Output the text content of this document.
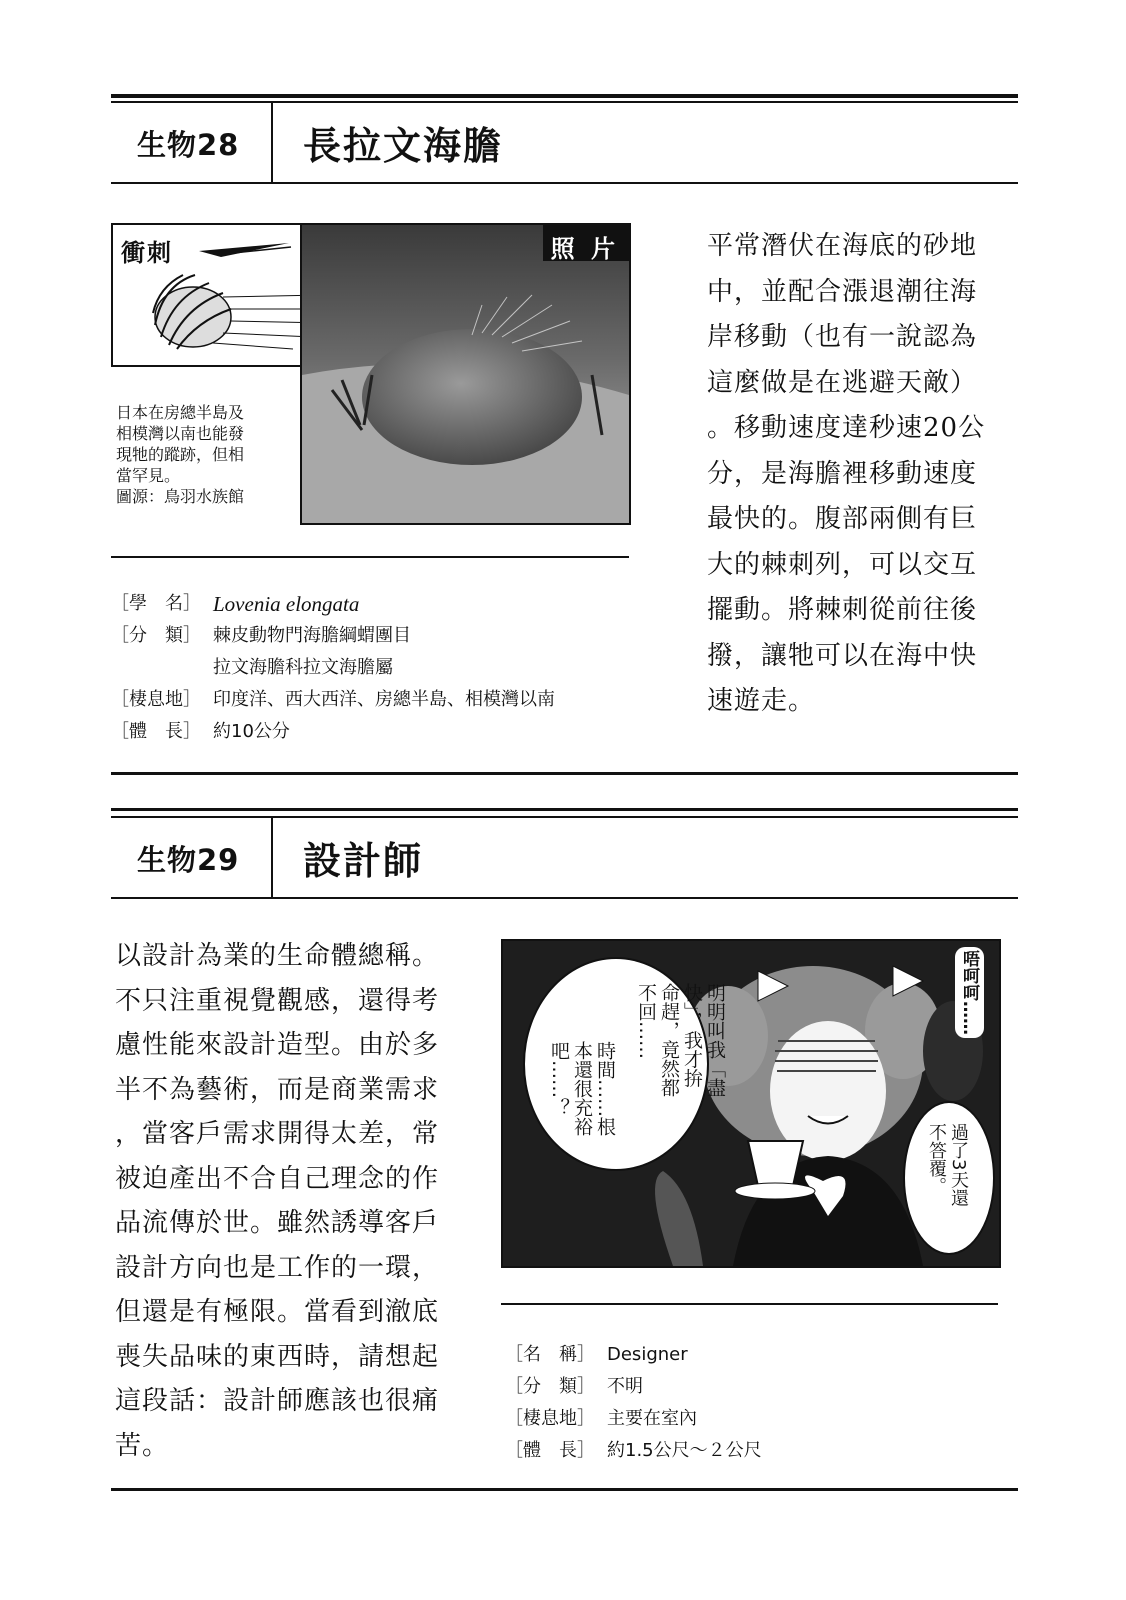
生物28 長拉文海膽
衝刺	照 片
日本在房總半島及
相模灣以南也能發
現牠的蹤跡，但相
當罕見。
圖源：鳥羽水族館
平常潛伏在海底的砂地
中，並配合漲退潮往海
岸移動（也有一說認為
這麼做是在逃避天敵）
。移動速度達秒速20公
分，是海膽裡移動速度
最快的。腹部兩側有巨
大的棘刺列，可以交互
擺動。將棘刺從前往後
撥，讓牠可以在海中快
速遊走。
［學　名］ Lovenia elongata
［分　類］ 棘皮動物門海膽綱蝟團目
拉文海膽科拉文海膽屬
［棲息地］ 印度洋、西大西洋、房總半島、相模灣以南
［體　長］ 約10公分
生物29 設計師
以設計為業的生命體總稱。
不只注重視覺觀感，還得考
慮性能來設計造型。由於多
半不為藝術，而是商業需求
，當客戶需求開得太差，常
被迫產出不合自己理念的作
品流傳於世。雖然誘導客戶
設計方向也是工作的一環，
但還是有極限。當看到澈底
喪失品味的東西時，請想起
這段話：設計師應該也很痛
苦。
明明叫我「盡
快」，我才拚
命趕，竟然都
不回……
時間……根
本還很充裕
吧……？
過了3天還
不答覆。
唔呵呵……
［名　稱］ Designer
［分　類］ 不明
［棲息地］ 主要在室內
［體　長］ 約1.5公尺～２公尺
